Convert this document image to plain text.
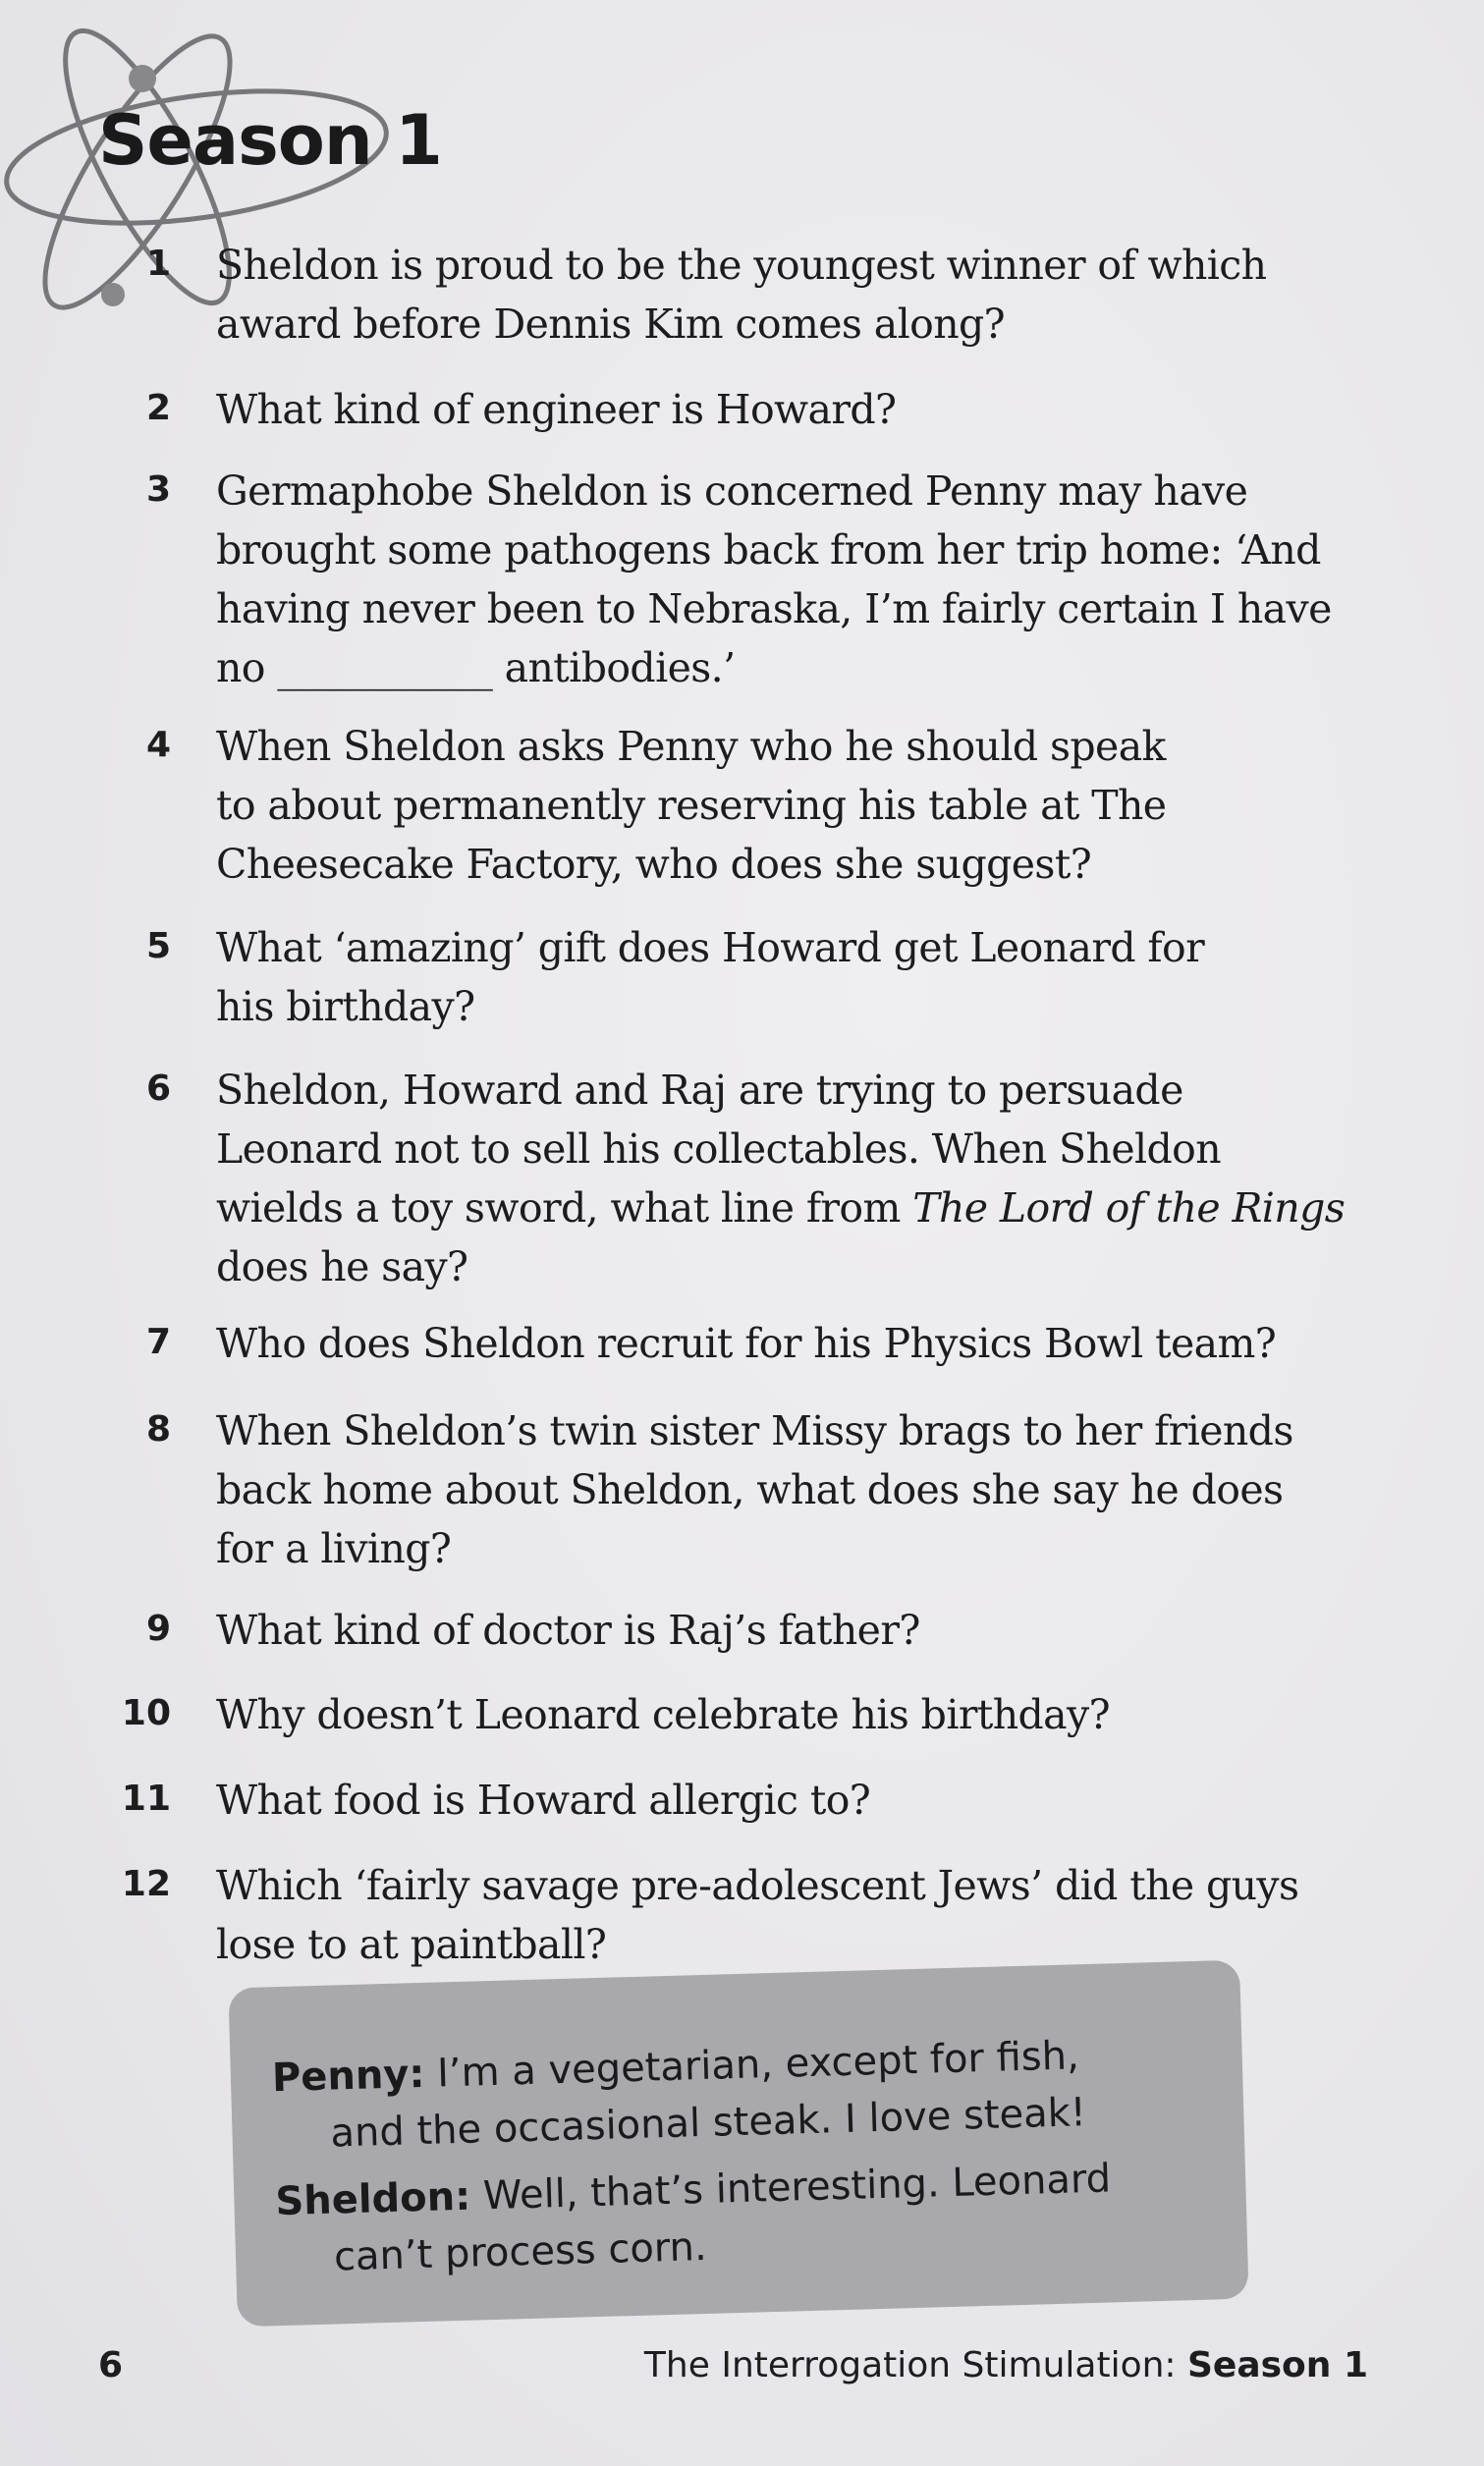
Season 1
1 Sheldon is proud to be the youngest winner of which
award before Dennis Kim comes along?
2 What kind of engineer is Howard?
3 Germaphobe Sheldon is concerned Penny may have
brought some pathogens back from her trip home: ‘And
having never been to Nebraska, I’m fairly certain I have
no ___________ antibodies.’
4 When Sheldon asks Penny who he should speak
to about permanently reserving his table at The
Cheesecake Factory, who does she suggest?
5 What ‘amazing’ gift does Howard get Leonard for
his birthday?
6 Sheldon, Howard and Raj are trying to persuade
Leonard not to sell his collectables. When Sheldon
wields a toy sword, what line from The Lord of the Rings
does he say?
7 Who does Sheldon recruit for his Physics Bowl team?
8 When Sheldon’s twin sister Missy brags to her friends
back home about Sheldon, what does she say he does
for a living?
9 What kind of doctor is Raj’s father?
10 Why doesn’t Leonard celebrate his birthday?
11 What food is Howard allergic to?
12 Which ‘fairly savage pre-adolescent Jews’ did the guys
lose to at paintball?
Penny: I’m a vegetarian, except for fish,
and the occasional steak. I love steak!
Sheldon: Well, that’s interesting. Leonard
can’t process corn.
6	The Interrogation Stimulation: Season 1
